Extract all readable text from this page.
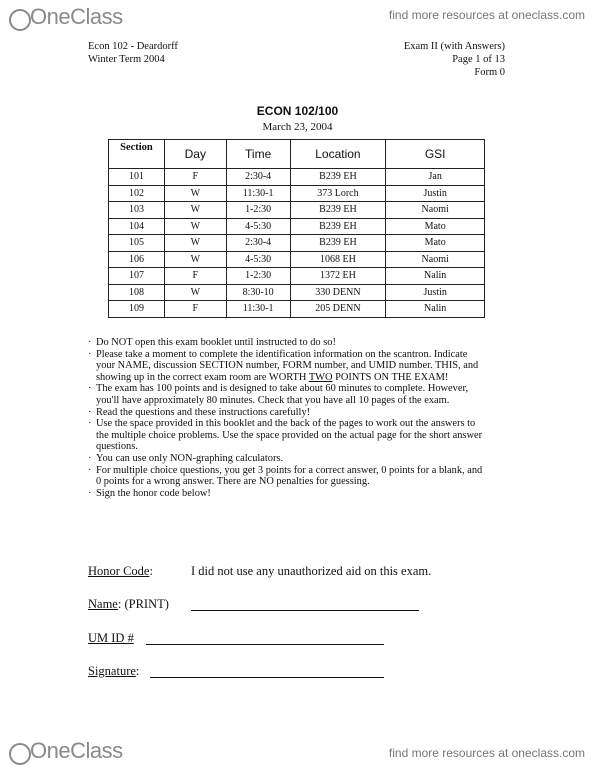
One Class	find more resources at oneclass.com
Econ 102 - Deardorff
Winter Term 2004
Exam II (with Answers)
Page 1 of 13
Form 0
ECON 102/100
March 23, 2004
Section	Day	Time	Location	GSI
101	F	2:30-4	B239 EH	Jan
102	W	11:30-1	373 Lorch	Justin
103	W	1-2:30	B239 EH	Naomi
104	W	4-5:30	B239 EH	Mato
105	W	2:30-4	B239 EH	Mato
106	W	4-5:30	1068 EH	Naomi
107	F	1-2:30	1372 EH	Nalin
108	W	8:30-10	330 DENN	Justin
109	F	11:30-1	205 DENN	Nalin
· Do NOT open this exam booklet until instructed to do so!
· Please take a moment to complete the identification information on the scantron. Indicate your NAME, discussion SECTION number, FORM number, and UMID number. THIS, and showing up in the correct exam room are WORTH TWO POINTS ON THE EXAM!
· The exam has 100 points and is designed to take about 60 minutes to complete. However, you'll have approximately 80 minutes. Check that you have all 10 pages of the exam.
· Read the questions and these instructions carefully!
· Use the space provided in this booklet and the back of the pages to work out the answers to the multiple choice problems. Use the space provided on the actual page for the short answer questions.
· You can use only NON-graphing calculators.
· For multiple choice questions, you get 3 points for a correct answer, 0 points for a blank, and 0 points for a wrong answer. There are NO penalties for guessing.
· Sign the honor code below!
Honor Code:	I did not use any unauthorized aid on this exam.
Name: (PRINT)
UM ID #
Signature:
One Class	find more resources at oneclass.com
